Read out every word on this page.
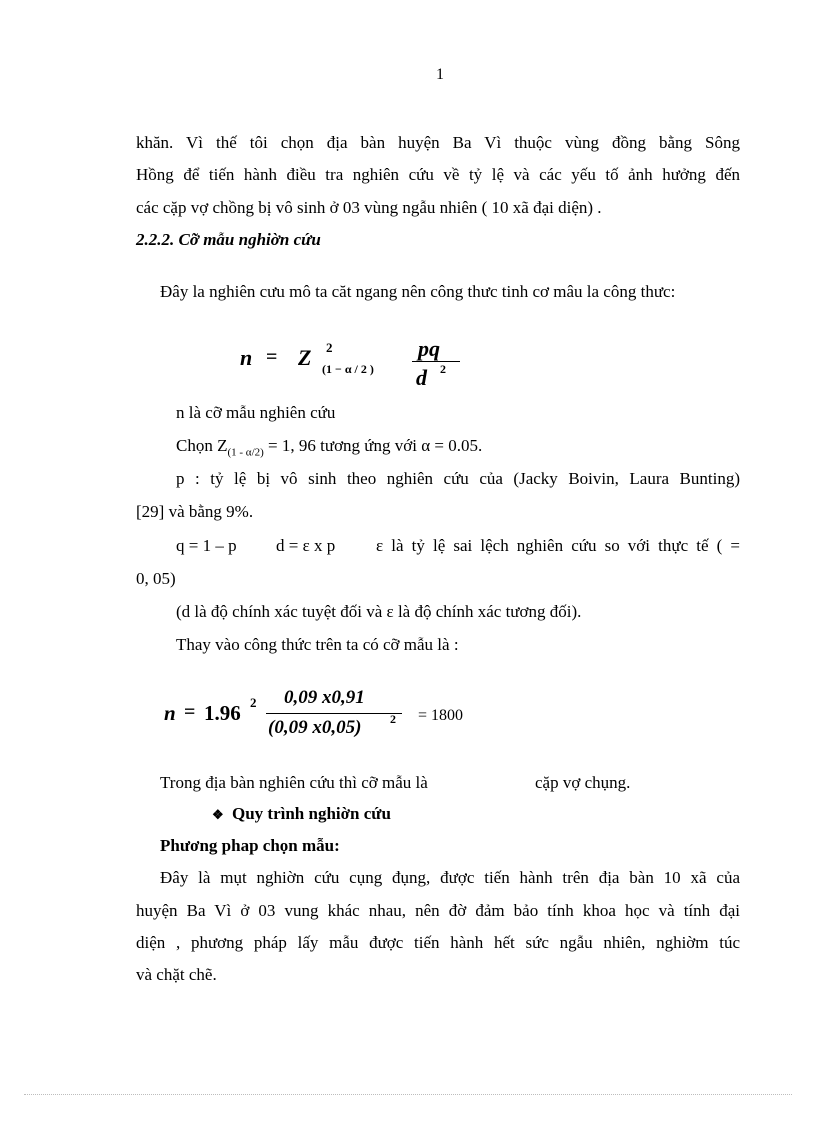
1
khăn. Vì thế tôi chọn địa bàn huyện Ba Vì thuộc vùng đồng bằng Sông
Hồng để tiến hành điều tra nghiên cứu về tỷ lệ và các yếu tố ảnh hưởng đến
các cặp vợ chồng bị vô sinh ở 03 vùng ngẫu nhiên ( 10 xã đại diện) .
2.2.2. Cỡ mẫu nghiờn cứu
Đây la nghiên cưu mô ta căt ngang nên công thưc tinh cơ mâu la công thưc:
n = Z 2
(1 − α / 2 )
pq
d 2
n là cỡ mẫu nghiên cứu
Chọn $Z_{(1 - \alpha/2)} = 1$, 96 tương ứng với α = 0.05.
p : tỷ lệ bị vô sinh theo nghiên cứu của (Jacky Boivin, Laura Bunting)
[29] và bằng 9%.
q = 1 – p d = ε x p ε là tỷ lệ sai lệch nghiên cứu so với thực tế ( =
0, 05)
(d là độ chính xác tuyệt đối và ε là độ chính xác tương đối).
Thay vào công thức trên ta có cỡ mẫu là :
n = 1.96 2 0,09 x0,91
(0,09 x0,05) 2 = 1800
Trong địa bàn nghiên cứu thì cỡ mẫu là	cặp vợ chụng.
❖ Quy trình nghiờn cứu
Phương phap chọn mẫu:
Đây là mụt nghiờn cứu cụng đụng, được tiến hành trên địa bàn 10 xã của
huyện Ba Vì ở 03 vung khác nhau, nên đờ đảm bảo tính khoa học và tính đại
diện , phương pháp lấy mẫu được tiến hành hết sức ngẫu nhiên, nghiờm túc
và chặt chẽ.
